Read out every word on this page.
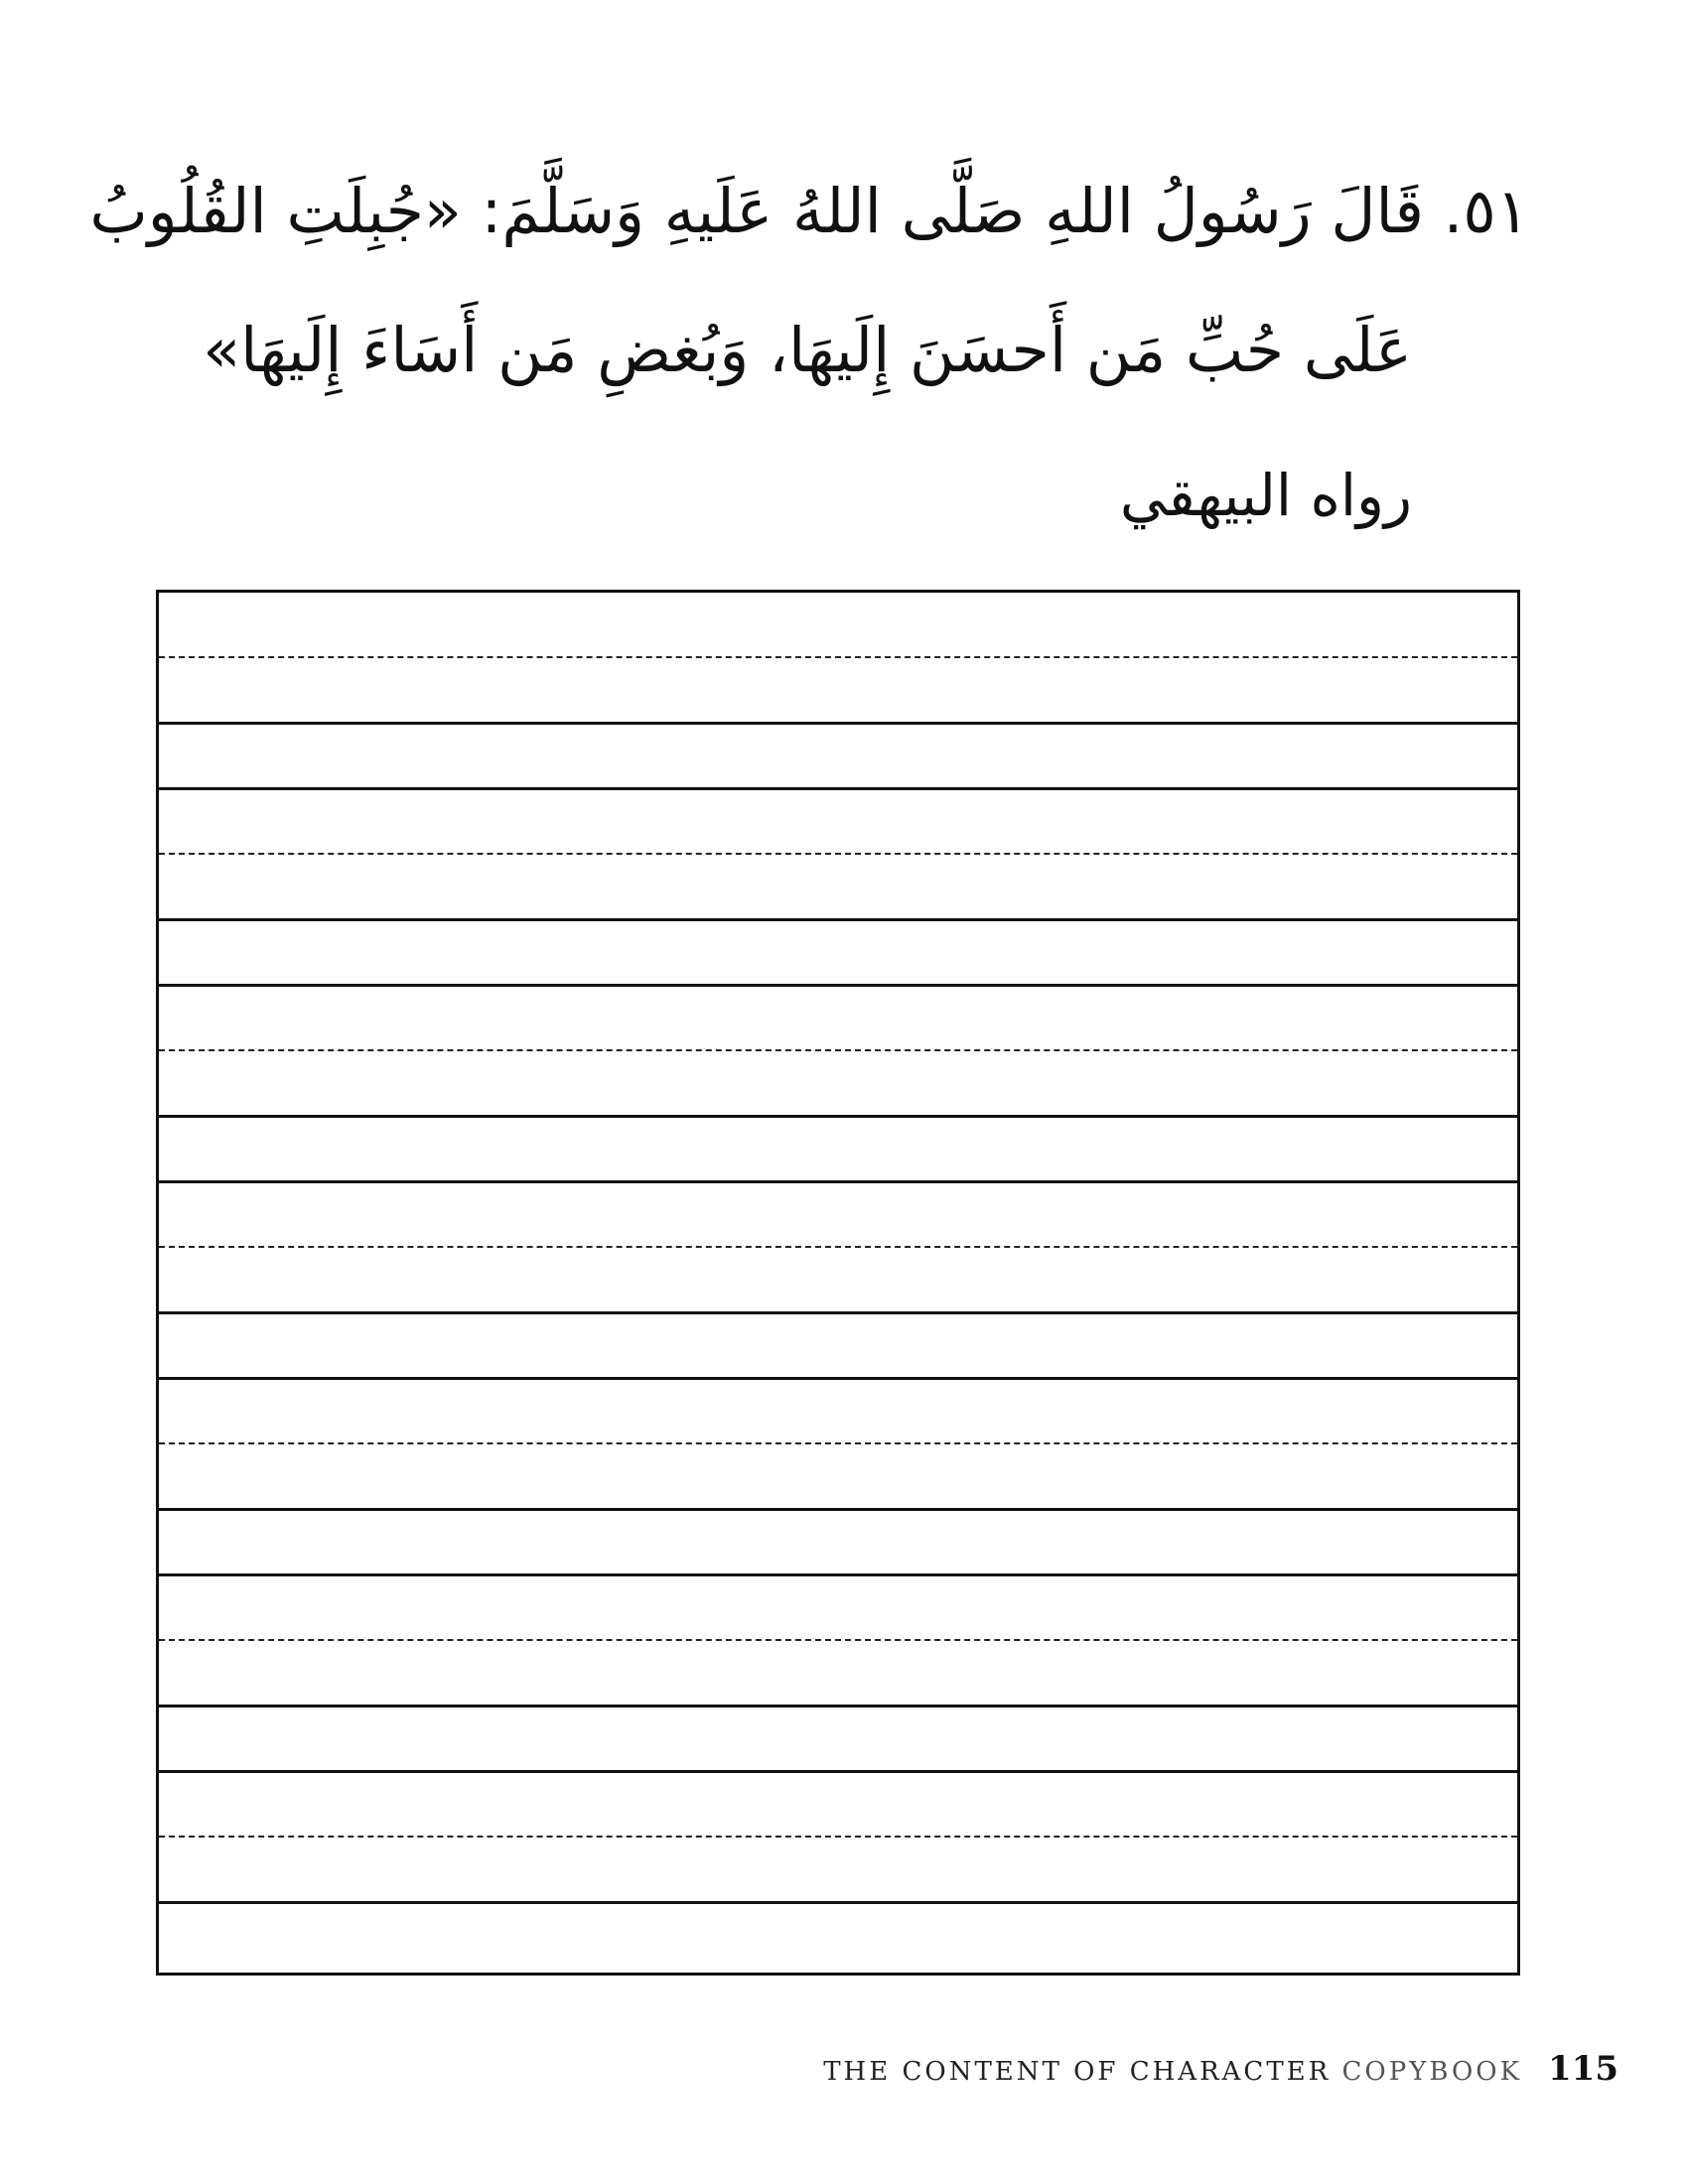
٥١. قَالَ رَسُولُ اللهِ صَلَّى اللهُ عَلَيهِ وَسَلَّمَ: «جُبِلَتِ القُلُوبُ
عَلَى حُبِّ مَن أَحسَنَ إِلَيهَا، وَبُغضِ مَن أَسَاءَ إِلَيهَا»
رواه البيهقي
THE CONTENT OF CHARACTER COPYBOOK 115
